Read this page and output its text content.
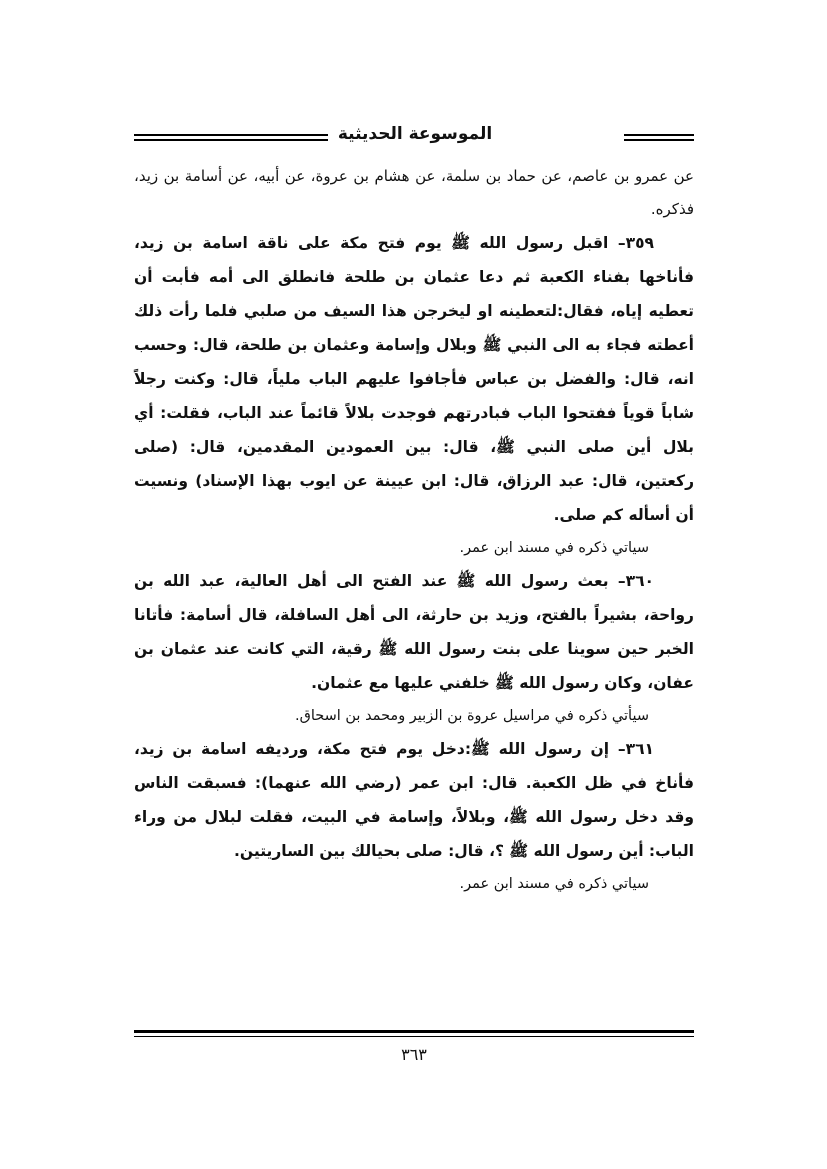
الموسوعة الحديثية

عن عمرو بن عاصم، عن حماد بن سلمة، عن هشام بن عروة، عن أبيه، عن أسامة بن زيد، فذكره.

٣٥٩– اقبل رسول الله ﷺ يوم فتح مكة على ناقة اسامة بن زيد، فأناخها بفناء الكعبة ثم دعا عثمان بن طلحة فانطلق الى أمه فأبت أن تعطيه إياه، فقال:لتعطينه او ليخرجن هذا السيف من صلبي فلما رأت ذلك أعطته فجاء به الى النبي ﷺ وبلال وإسامة وعثمان بن طلحة، قال: وحسب انه، قال: والفضل بن عباس فأجافوا عليهم الباب ملياً، قال: وكنت رجلاً شاباً قوياً ففتحوا الباب فبادرتهم فوجدت بلالاً قائماً عند الباب، فقلت: أي بلال أين صلى النبي ﷺ، قال: بين العمودين المقدمين، قال: (صلى ركعتين، قال: عبد الرزاق، قال: ابن عيينة عن ايوب بهذا الإسناد) ونسيت أن أسأله كم صلى.

سياتي ذكره في مسند ابن عمر.

٣٦٠– بعث رسول الله ﷺ عند الفتح الى أهل العالية، عبد الله بن رواحة، بشيراً بالفتح، وزيد بن حارثة، الى أهل السافلة، قال أسامة: فأتانا الخبر حين سوينا على بنت رسول الله ﷺ رقية، التي كانت عند عثمان بن عفان، وكان رسول الله ﷺ خلفني عليها مع عثمان.

سيأتي ذكره في مراسيل عروة بن الزبير ومحمد بن اسحاق.

٣٦١– إن رسول الله ﷺ:دخل يوم فتح مكة، ورديفه اسامة بن زيد، فأناخ في ظل الكعبة. قال: ابن عمر (رضي الله عنهما): فسبقت الناس وقد دخل رسول الله ﷺ، وبلالاً، وإسامة في البيت، فقلت لبلال من وراء الباب: أين رسول الله ﷺ ؟، قال: صلى بحيالك بين الساريتين.

سياتي ذكره في مسند ابن عمر.

٣٦٣
